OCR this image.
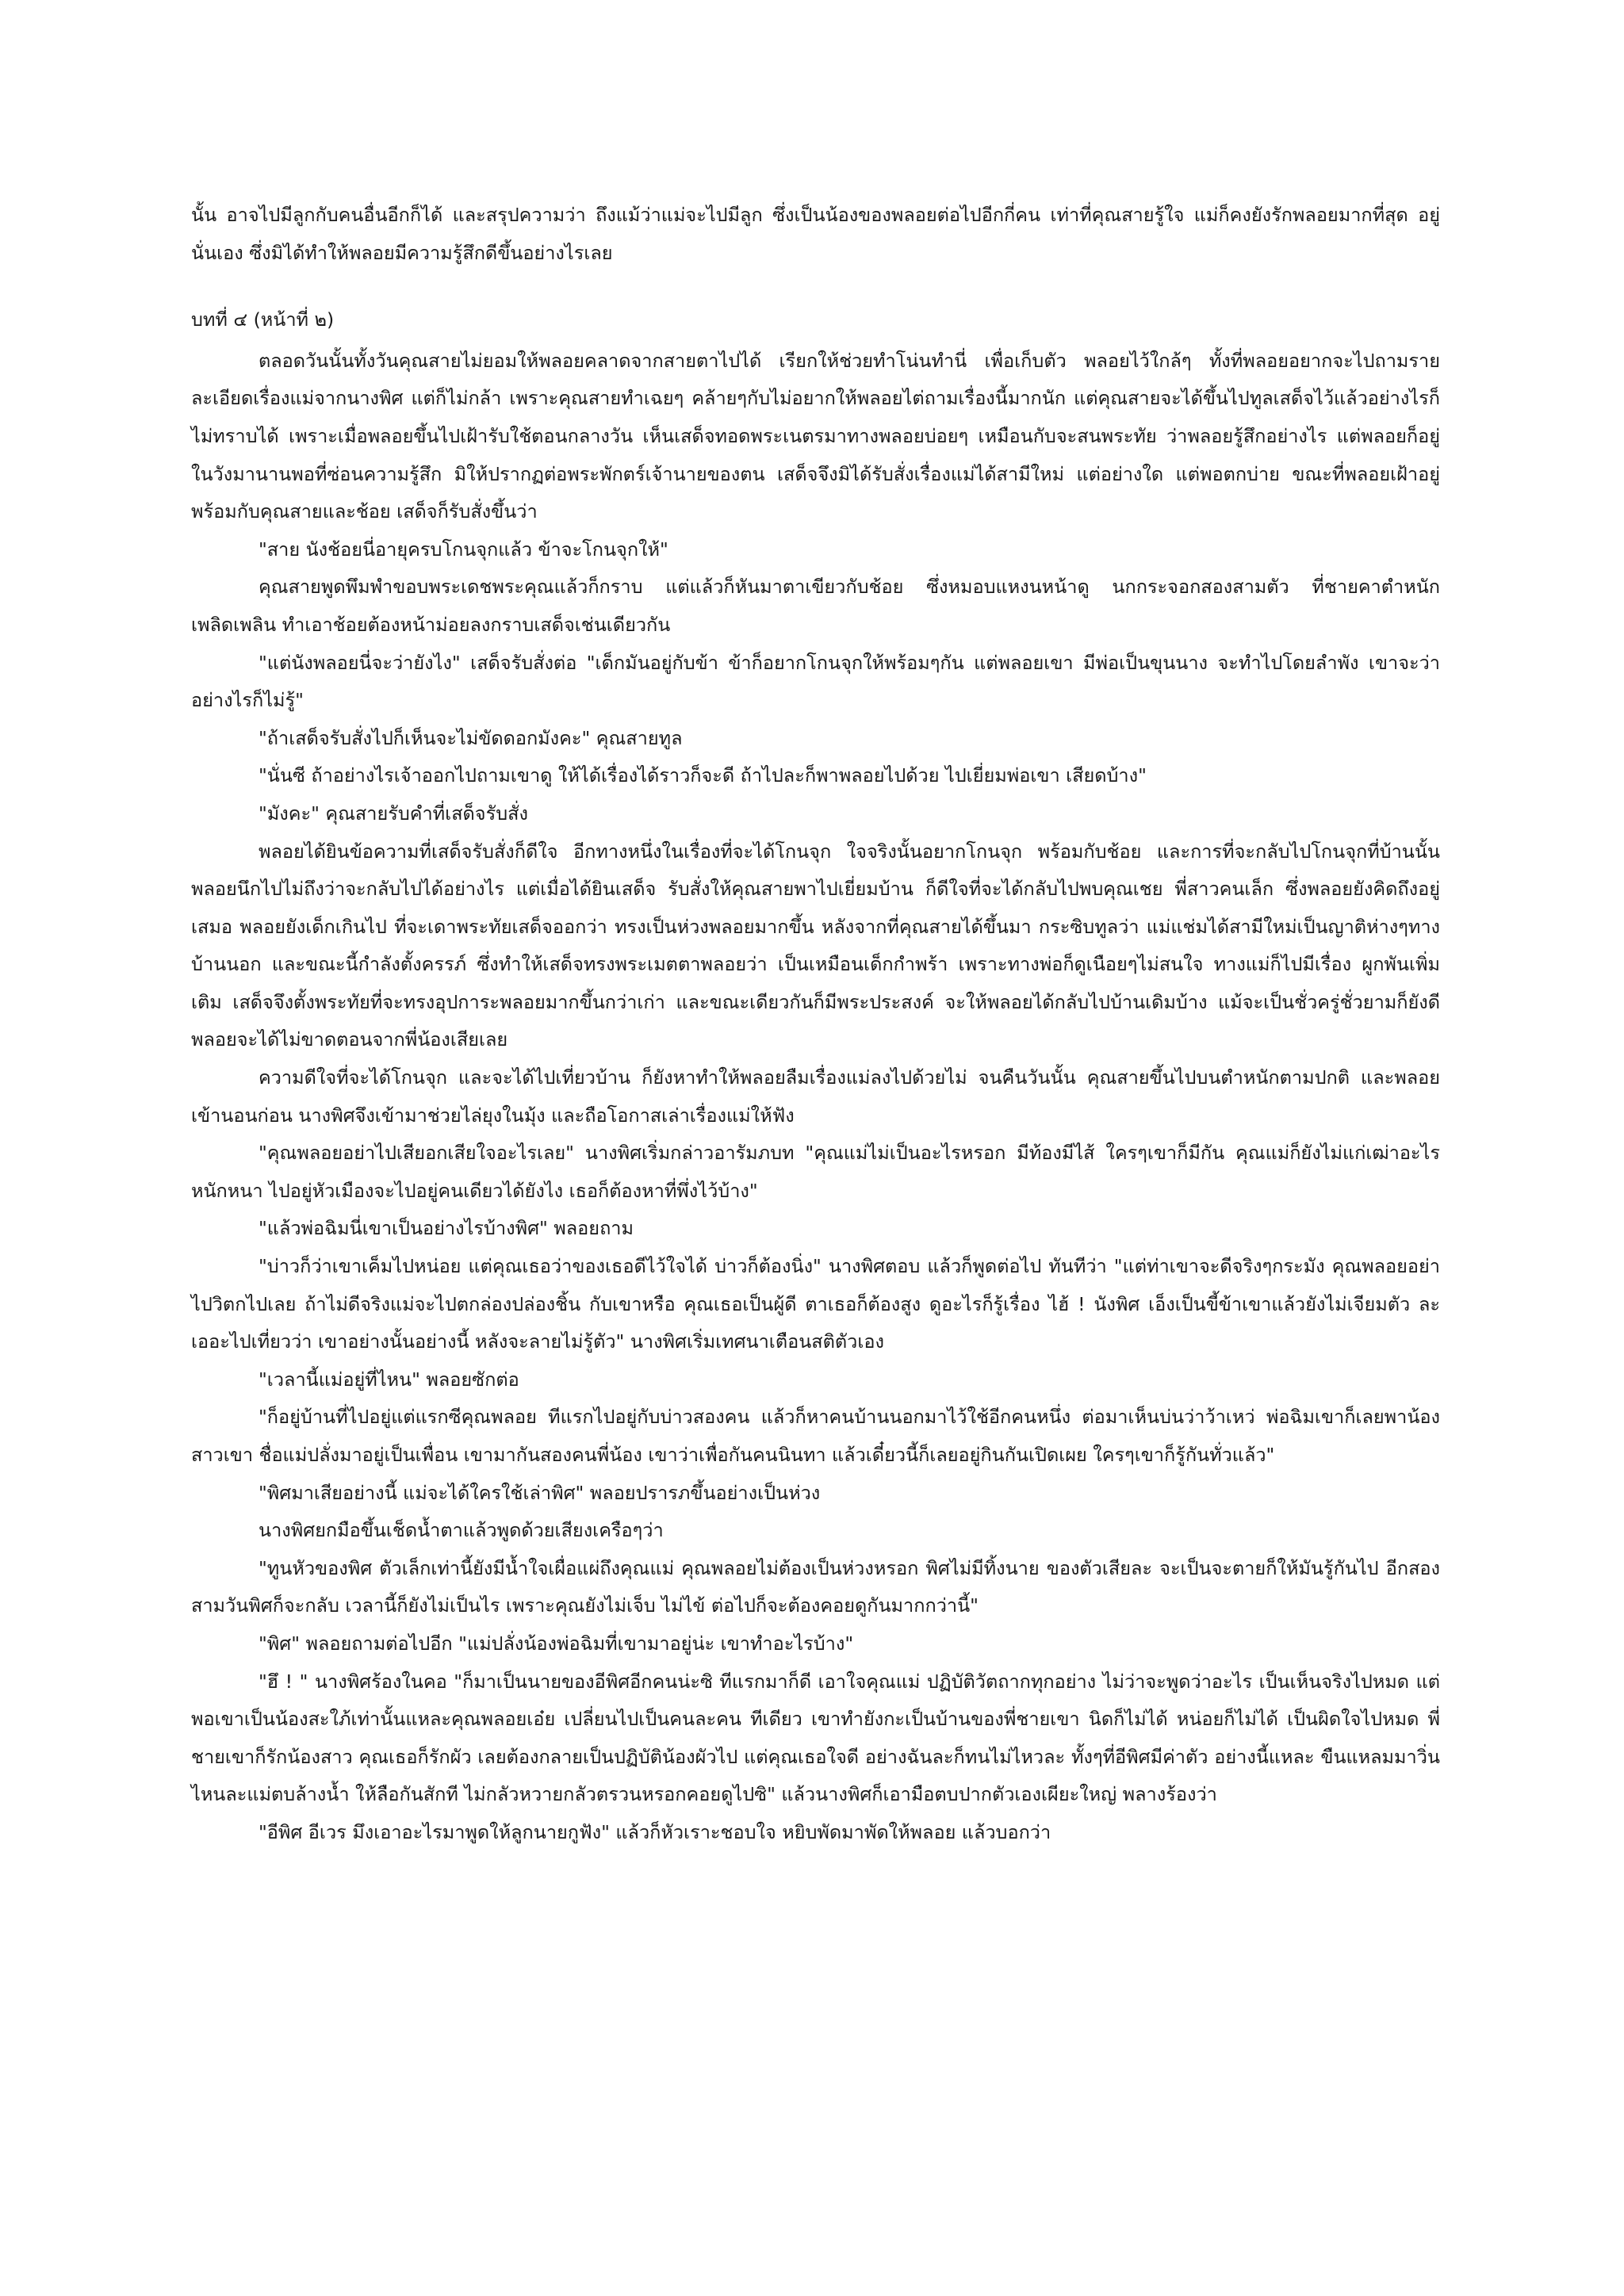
นั้น อาจไปมีลูกกับคนอื่นอีกก็ได้ และสรุปความว่า ถึงแม้ว่าแม่จะไปมีลูก ซึ่งเป็นน้องของพลอยต่อไปอีกกี่คน เท่าที่คุณสายรู้ใจ แม่ก็คงยังรักพลอยมากที่สุด อยู่นั่นเอง ซึ่งมิได้ทำให้พลอยมีความรู้สึกดีขึ้นอย่างไรเลย

บทที่ ๔ (หน้าที่ ๒)

ตลอดวันนั้นทั้งวันคุณสายไม่ยอมให้พลอยคลาดจากสายตาไปได้ เรียกให้ช่วยทำโน่นทำนี่ เพื่อเก็บตัว พลอยไว้ใกล้ๆ ทั้งที่พลอยอยากจะไปถามรายละเอียดเรื่องแม่จากนางพิศ แต่ก็ไม่กล้า เพราะคุณสายทำเฉยๆ คล้ายๆกับไม่อยากให้พลอยไต่ถามเรื่องนี้มากนัก แต่คุณสายจะได้ขึ้นไปทูลเสด็จไว้แล้วอย่างไรก็ไม่ทราบได้ เพราะเมื่อพลอยขึ้นไปเฝ้ารับใช้ตอนกลางวัน เห็นเสด็จทอดพระเนตรมาทางพลอยบ่อยๆ เหมือนกับจะสนพระทัย ว่าพลอยรู้สึกอย่างไร แต่พลอยก็อยู่ในวังมานานพอที่ซ่อนความรู้สึก มิให้ปรากฏต่อพระพักตร์เจ้านายของตน เสด็จจึงมิได้รับสั่งเรื่องแม่ได้สามีใหม่ แต่อย่างใด แต่พอตกบ่าย ขณะที่พลอยเฝ้าอยู่พร้อมกับคุณสายและช้อย เสด็จก็รับสั่งขึ้นว่า

"สาย นังช้อยนี่อายุครบโกนจุกแล้ว ข้าจะโกนจุกให้"

คุณสายพูดพึมพำขอบพระเดชพระคุณแล้วก็กราบ แต่แล้วก็หันมาตาเขียวกับช้อย ซึ่งหมอบแหงนหน้าดู นกกระจอกสองสามตัว ที่ชายคาตำหนักเพลิดเพลิน ทำเอาช้อยต้องหน้าม่อยลงกราบเสด็จเช่นเดียวกัน

"แต่นังพลอยนี่จะว่ายังไง" เสด็จรับสั่งต่อ "เด็กมันอยู่กับข้า ข้าก็อยากโกนจุกให้พร้อมๆกัน แต่พลอยเขา มีพ่อเป็นขุนนาง จะทำไปโดยลำพัง เขาจะว่าอย่างไรก็ไม่รู้"

"ถ้าเสด็จรับสั่งไปก็เห็นจะไม่ขัดดอกมังคะ" คุณสายทูล

"นั่นซี ถ้าอย่างไรเจ้าออกไปถามเขาดู ให้ได้เรื่องได้ราวก็จะดี ถ้าไปละก็พาพลอยไปด้วย ไปเยี่ยมพ่อเขา เสียดบ้าง"

"มังคะ" คุณสายรับคำที่เสด็จรับสั่ง

พลอยได้ยินข้อความที่เสด็จรับสั่งก็ดีใจ อีกทางหนึ่งในเรื่องที่จะได้โกนจุก ใจจริงนั้นอยากโกนจุก พร้อมกับช้อย และการที่จะกลับไปโกนจุกที่บ้านนั้น พลอยนึกไปไม่ถึงว่าจะกลับไปได้อย่างไร แต่เมื่อได้ยินเสด็จ รับสั่งให้คุณสายพาไปเยี่ยมบ้าน ก็ดีใจที่จะได้กลับไปพบคุณเชย พี่สาวคนเล็ก ซึ่งพลอยยังคิดถึงอยู่เสมอ พลอยยังเด็กเกินไป ที่จะเดาพระทัยเสด็จออกว่า ทรงเป็นห่วงพลอยมากขึ้น หลังจากที่คุณสายได้ขึ้นมา กระซิบทูลว่า แม่แช่มได้สามีใหม่เป็นญาติห่างๆทางบ้านนอก และขณะนี้กำลังตั้งครรภ์ ซึ่งทำให้เสด็จทรงพระเมตตาพลอยว่า เป็นเหมือนเด็กกำพร้า เพราะทางพ่อก็ดูเนือยๆไม่สนใจ ทางแม่ก็ไปมีเรื่อง ผูกพันเพิ่มเติม เสด็จจึงตั้งพระทัยที่จะทรงอุปการะพลอยมากขึ้นกว่าเก่า และขณะเดียวกันก็มีพระประสงค์ จะให้พลอยได้กลับไปบ้านเดิมบ้าง แม้จะเป็นชั่วครู่ชั่วยามก็ยังดี พลอยจะได้ไม่ขาดตอนจากพี่น้องเสียเลย

ความดีใจที่จะได้โกนจุก และจะได้ไปเที่ยวบ้าน ก็ยังหาทำให้พลอยลืมเรื่องแม่ลงไปด้วยไม่ จนคืนวันนั้น คุณสายขึ้นไปบนตำหนักตามปกติ และพลอยเข้านอนก่อน นางพิศจึงเข้ามาช่วยไล่ยุงในมุ้ง และถือโอกาสเล่าเรื่องแม่ให้ฟัง

"คุณพลอยอย่าไปเสียอกเสียใจอะไรเลย" นางพิศเริ่มกล่าวอารัมภบท "คุณแม่ไม่เป็นอะไรหรอก มีท้องมีไส้ ใครๆเขาก็มีกัน คุณแม่ก็ยังไม่แก่เฒ่าอะไรหนักหนา ไปอยู่หัวเมืองจะไปอยู่คนเดียวได้ยังไง เธอก็ต้องหาที่พึ่งไว้บ้าง"

"แล้วพ่อฉิมนี่เขาเป็นอย่างไรบ้างพิศ" พลอยถาม

"บ่าวก็ว่าเขาเค็มไปหน่อย แต่คุณเธอว่าของเธอดีไว้ใจได้ บ่าวก็ต้องนิ่ง" นางพิศตอบ แล้วก็พูดต่อไป ทันทีว่า "แต่ท่าเขาจะดีจริงๆกระมัง คุณพลอยอย่าไปวิตกไปเลย ถ้าไม่ดีจริงแม่จะไปตกล่องปล่องชิ้น กับเขาหรือ คุณเธอเป็นผู้ดี ตาเธอก็ต้องสูง ดูอะไรก็รู้เรื่อง ไฮ้ ! นังพิศ เอ็งเป็นขี้ข้าเขาแล้วยังไม่เจียมตัว ละเออะไปเที่ยวว่า เขาอย่างนั้นอย่างนี้ หลังจะลายไม่รู้ตัว" นางพิศเริ่มเทศนาเตือนสติตัวเอง

"เวลานี้แม่อยู่ที่ไหน" พลอยซักต่อ

"ก็อยู่บ้านที่ไปอยู่แต่แรกซีคุณพลอย ทีแรกไปอยู่กับบ่าวสองคน แล้วก็หาคนบ้านนอกมาไว้ใช้อีกคนหนึ่ง ต่อมาเห็นบ่นว่าว้าเหว่ พ่อฉิมเขาก็เลยพาน้องสาวเขา ชื่อแม่ปลั่งมาอยู่เป็นเพื่อน เขามากันสองคนพี่น้อง เขาว่าเพื่อกันคนนินทา แล้วเดี๋ยวนี้ก็เลยอยู่กินกันเปิดเผย ใครๆเขาก็รู้กันทั่วแล้ว"

"พิศมาเสียอย่างนี้ แม่จะได้ใครใช้เล่าพิศ" พลอยปรารภขึ้นอย่างเป็นห่วง

นางพิศยกมือขึ้นเช็ดน้ำตาแล้วพูดด้วยเสียงเครือๆว่า

"ทูนหัวของพิศ ตัวเล็กเท่านี้ยังมีน้ำใจเผื่อแผ่ถึงคุณแม่ คุณพลอยไม่ต้องเป็นห่วงหรอก พิศไม่มีทิ้งนาย ของตัวเสียละ จะเป็นจะตายก็ให้มันรู้กันไป อีกสองสามวันพิศก็จะกลับ เวลานี้ก็ยังไม่เป็นไร เพราะคุณยังไม่เจ็บ ไม่ไข้ ต่อไปก็จะต้องคอยดูกันมากกว่านี้"

"พิศ" พลอยถามต่อไปอีก "แม่ปลั่งน้องพ่อฉิมที่เขามาอยู่น่ะ เขาทำอะไรบ้าง"

"ฮึ ! " นางพิศร้องในคอ "ก็มาเป็นนายของอีพิศอีกคนน่ะซิ ทีแรกมาก็ดี เอาใจคุณแม่ ปฏิบัติวัตถากทุกอย่าง ไม่ว่าจะพูดว่าอะไร เป็นเห็นจริงไปหมด แต่พอเขาเป็นน้องสะใภ้เท่านั้นแหละคุณพลอยเอ๋ย เปลี่ยนไปเป็นคนละคน ทีเดียว เขาทำยังกะเป็นบ้านของพี่ชายเขา นิดก็ไม่ได้ หน่อยก็ไม่ได้ เป็นผิดใจไปหมด พี่ชายเขาก็รักน้องสาว คุณเธอก็รักผัว เลยต้องกลายเป็นปฏิบัติน้องผัวไป แต่คุณเธอใจดี อย่างฉันละก็ทนไม่ไหวละ ทั้งๆที่อีพิศมีค่าตัว อย่างนี้แหละ ขืนแหลมมาวิ่นไหนละแม่ตบล้างน้ำ ให้ลือกันสักที ไม่กลัวหวายกลัวตรวนหรอกคอยดูไปซิ" แล้วนางพิศก็เอามือตบปากตัวเองเผียะใหญ่ พลางร้องว่า

"อีพิศ อีเวร มึงเอาอะไรมาพูดให้ลูกนายกูฟัง" แล้วก็หัวเราะชอบใจ หยิบพัดมาพัดให้พลอย แล้วบอกว่า
